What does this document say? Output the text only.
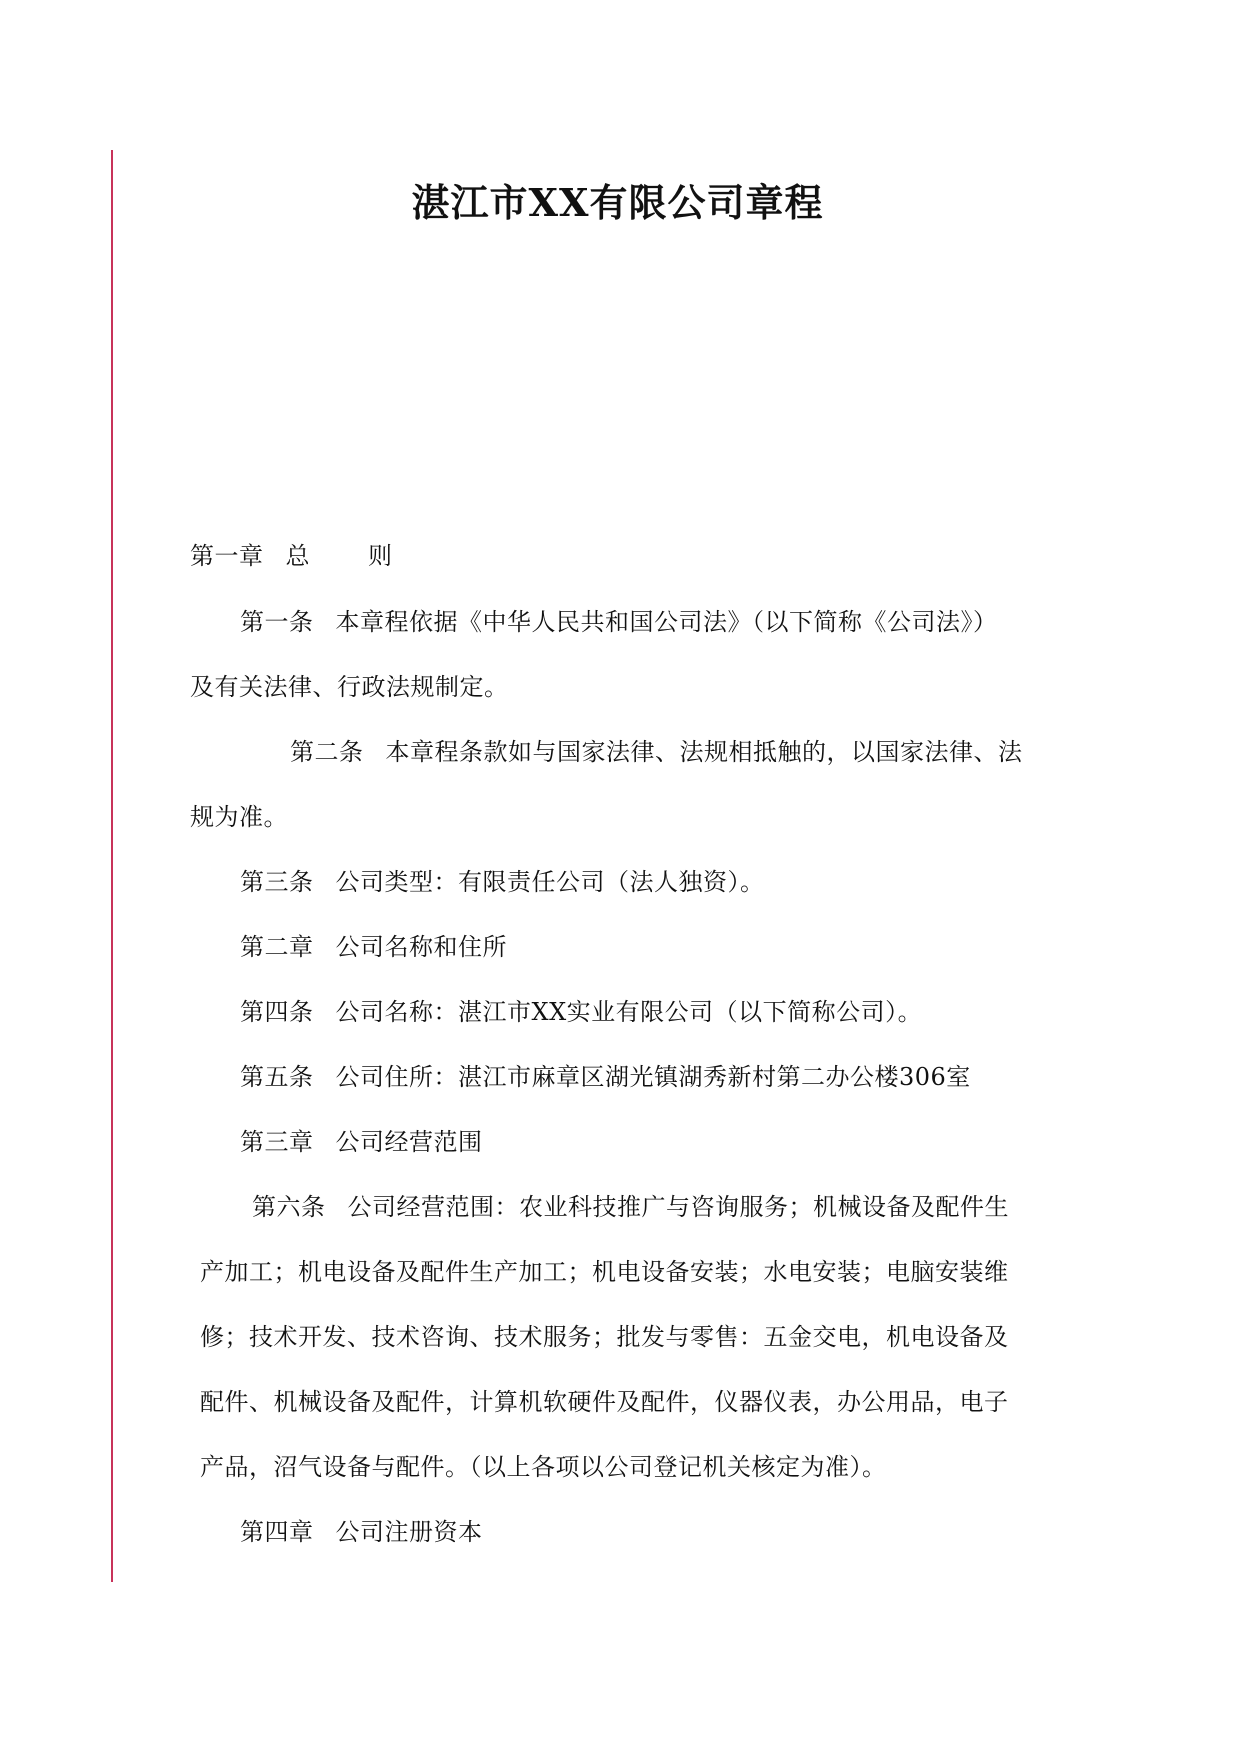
湛江市XX有限公司章程
第一章 总 则
第一条 本章程依据《中华人民共和国公司法》（以下简称《公司法》）
及有关法律、行政法规制定。
第二条 本章程条款如与国家法律、法规相抵触的，以国家法律、法
规为准。
第三条 公司类型：有限责任公司（法人独资）。
第二章 公司名称和住所
第四条 公司名称：湛江市XX实业有限公司（以下简称公司）。
第五条 公司住所：湛江市麻章区湖光镇湖秀新村第二办公楼306室
第三章 公司经营范围
第六条 公司经营范围：农业科技推广与咨询服务；机械设备及配件生
产加工；机电设备及配件生产加工；机电设备安装；水电安装；电脑安装维
修；技术开发、技术咨询、技术服务；批发与零售：五金交电，机电设备及
配件、机械设备及配件，计算机软硬件及配件，仪器仪表，办公用品，电子
产品，沼气设备与配件。（以上各项以公司登记机关核定为准）。
第四章 公司注册资本
